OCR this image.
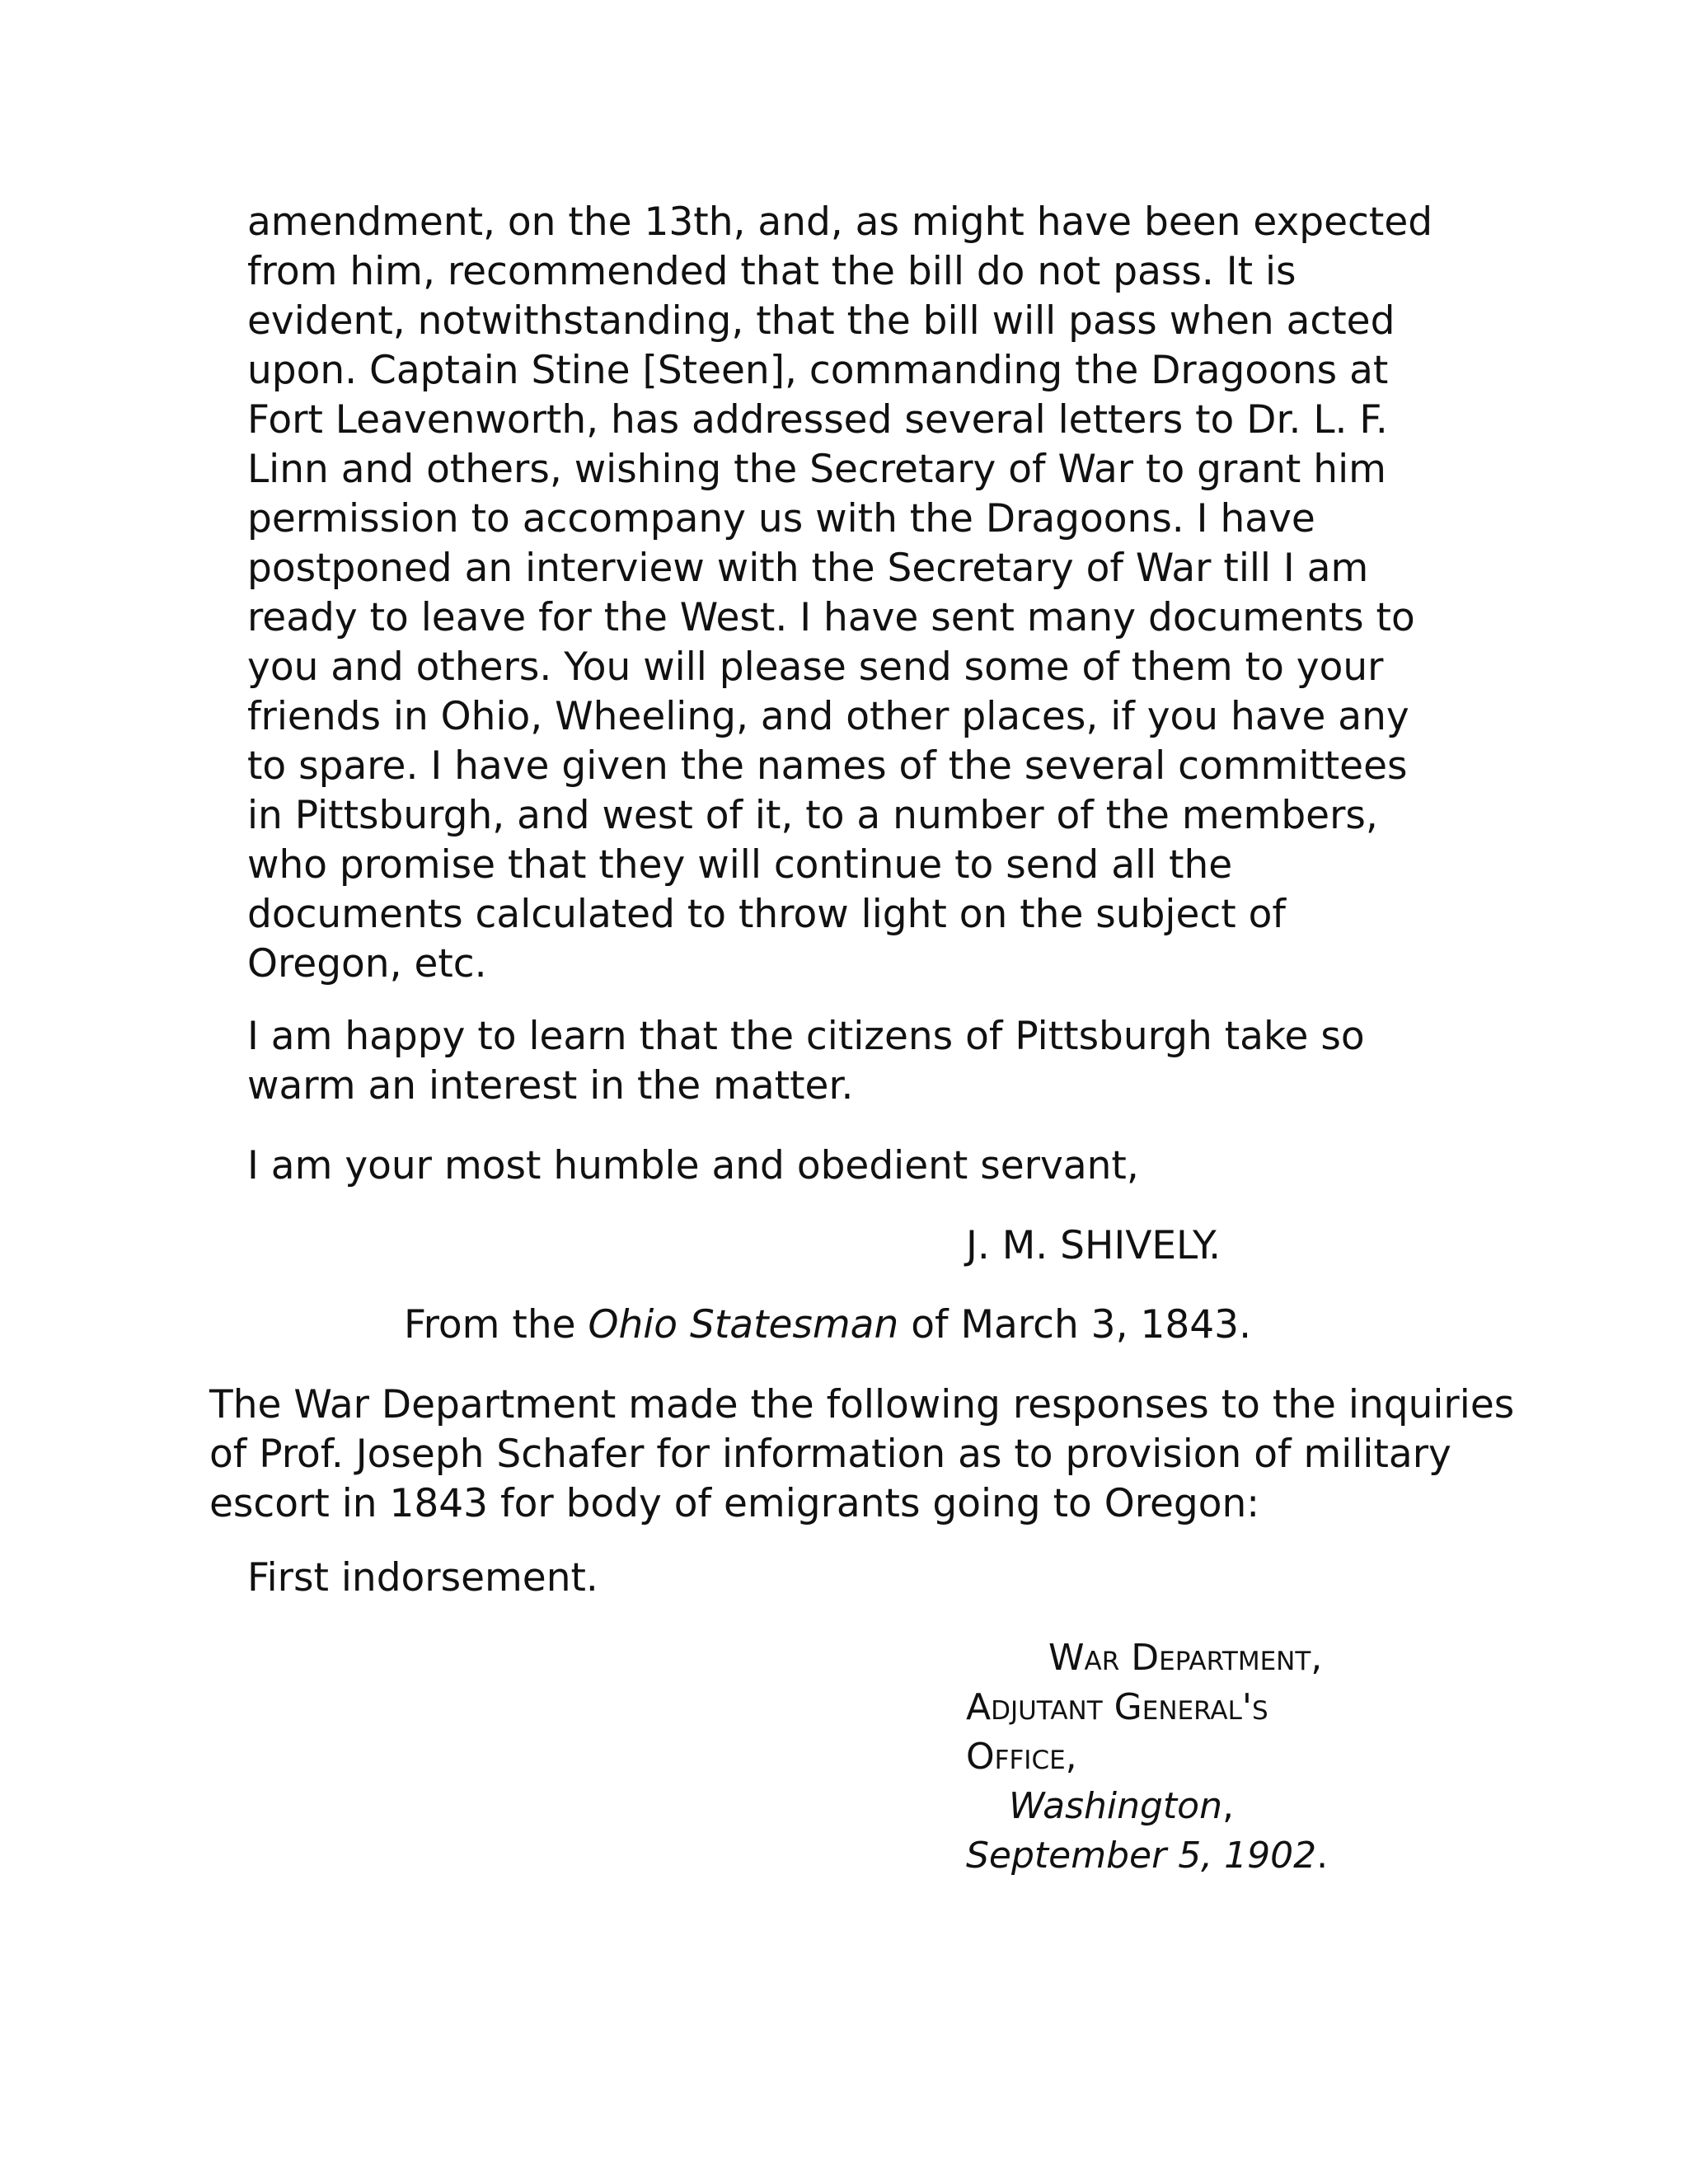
amendment, on the 13th, and, as might have been expected
from him, recommended that the bill do not pass. It is
evident, notwithstanding, that the bill will pass when acted
upon. Captain Stine [Steen], commanding the Dragoons at
Fort Leavenworth, has addressed several letters to Dr. L. F.
Linn and others, wishing the Secretary of War to grant him
permission to accompany us with the Dragoons. I have
postponed an interview with the Secretary of War till I am
ready to leave for the West. I have sent many documents to
you and others. You will please send some of them to your
friends in Ohio, Wheeling, and other places, if you have any
to spare. I have given the names of the several committees
in Pittsburgh, and west of it, to a number of the members,
who promise that they will continue to send all the
documents calculated to throw light on the subject of
Oregon, etc.
I am happy to learn that the citizens of Pittsburgh take so
warm an interest in the matter.
I am your most humble and obedient servant,
J. M. SHIVELY.
From the Ohio Statesman of March 3, 1843.
The War Department made the following responses to the inquiries
of Prof. Joseph Schafer for information as to provision of military
escort in 1843 for body of emigrants going to Oregon:
First indorsement.
War Department,
Adjutant General's
Office,
Washington,
September 5, 1902.
